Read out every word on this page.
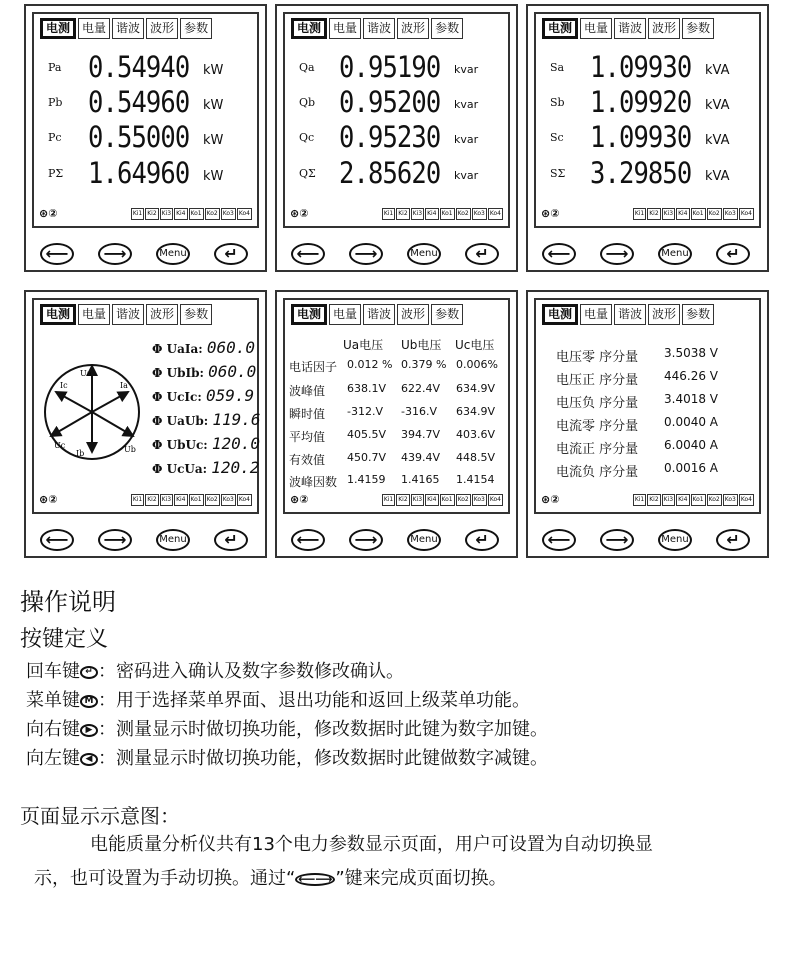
电测	电量 谐波 波形 参数
Pa 0.54940 kW
Pb 0.54960 kW
Pc 0.55000 kW
PΣ 1.64960 kW
⊛②	Ki1 Ki2 Ki3 Ki4 Ko1 Ko2 Ko3 Ko4
⟵	⟶	Menu	↵
电测	电量 谐波 波形 参数
Qa 0.95190 kvar
Qb 0.95200 kvar
Qc 0.95230 kvar
QΣ 2.85620 kvar
⊛②	Ki1 Ki2 Ki3 Ki4 Ko1 Ko2 Ko3 Ko4
⟵	⟶	Menu	↵
电测	电量 谐波 波形 参数
Sa 1.09930 kVA
Sb 1.09920 kVA
Sc 1.09930 kVA
SΣ 3.29850 kVA
⊛②	Ki1 Ki2 Ki3 Ki4 Ko1 Ko2 Ko3 Ko4
⟵	⟶	Menu	↵
电测	电量 谐波 波形 参数
Ua
Ub
Uc
Ia
Ib
Ic
Φ UaIa: 060.0
Φ UbIb: 060.0
Φ UcIc: 059.9
Φ UaUb: 119.6
Φ UbUc: 120.0
Φ UcUa: 120.2
⊛②	Ki1 Ki2 Ki3 Ki4 Ko1 Ko2 Ko3 Ko4
⟵	⟶	Menu	↵
电测	电量 谐波 波形 参数
Ua电压 Ub电压 Uc电压
电话因子 0.012 % 0.379 % 0.006%
波峰值 638.1V 622.4V 634.9V
瞬时值 -312.V -316.V 634.9V
平均值 405.5V 394.7V 403.6V
有效值 450.7V 439.4V 448.5V
波峰因数 1.4159 1.4165 1.4154
⊛②	Ki1 Ki2 Ki3 Ki4 Ko1 Ko2 Ko3 Ko4
⟵	⟶	Menu	↵
电测	电量 谐波 波形 参数
电压零 序分量 3.5038 V
电压正 序分量 446.26 V
电压负 序分量 3.4018 V
电流零 序分量 0.0040 A
电流正 序分量 6.0040 A
电流负 序分量 0.0016 A
⊛②	Ki1 Ki2 Ki3 Ki4 Ko1 Ko2 Ko3 Ko4
⟵	⟶	Menu	↵
操作说明
按键定义
回车键 ↵ ：密码进入确认及数字参数修改确认。
菜单键 M ：用于选择菜单界面、退出功能和返回上级菜单功能。
向右键 ▶ ：测量显示时做切换功能，修改数据时此键为数字加键。
向左键 ◀ ：测量显示时做切换功能，修改数据时此键做数字减键。
页面显示示意图：
电能质量分析仪共有13个电力参数显示页面，用户可设置为自动切换显
示，也可设置为手动切换。通过“ ⟵⟶ ”键来完成页面切换。
